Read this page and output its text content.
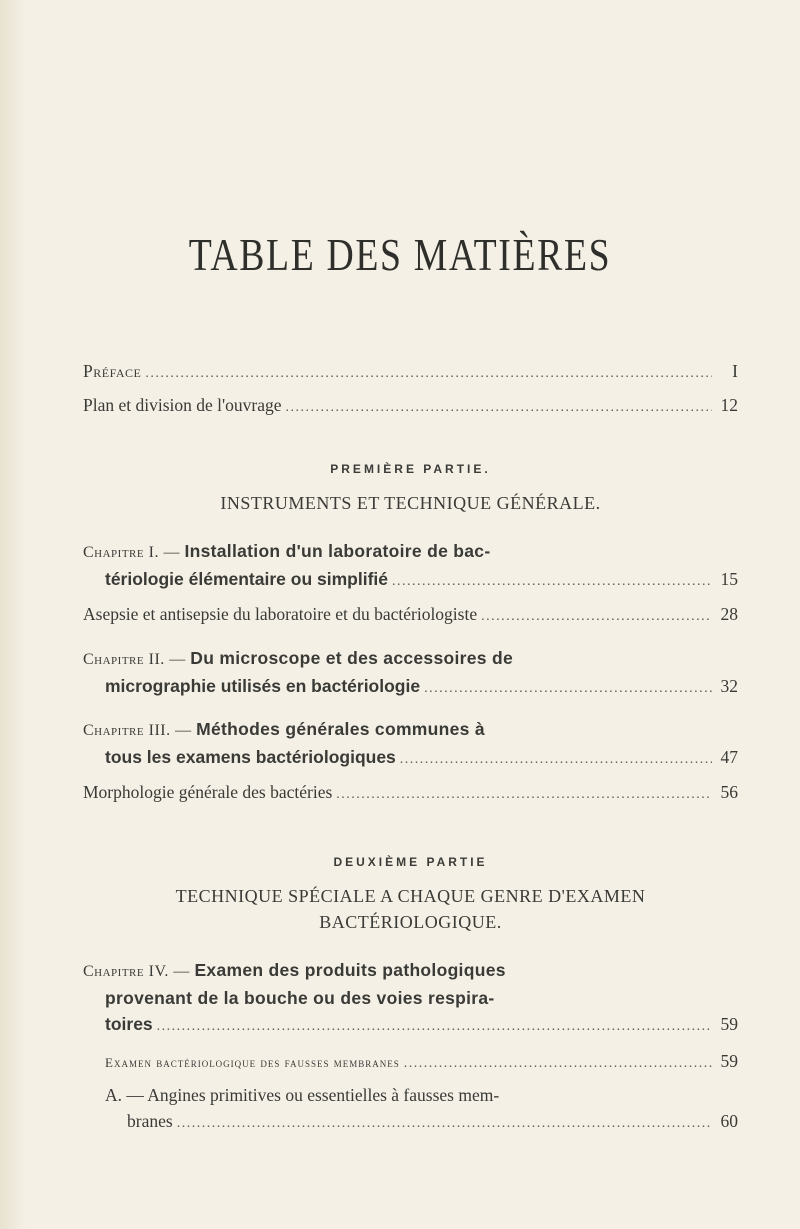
TABLE DES MATIÈRES
Préface . . .	I
Plan et division de l'ouvrage . . .	12

PREMIÈRE PARTIE.

INSTRUMENTS ET TECHNIQUE GÉNÉRALE.

Chapitre I. — Installation d'un laboratoire de bac-
tériologie élémentaire ou simplifié . . .	15
Asepsie et antisepsie du laboratoire et du bactériologiste . . .	28
Chapitre II. — Du microscope et des accessoires de
micrographie utilisés en bactériologie . . .	32
Chapitre III. — Méthodes générales communes à
tous les examens bactériologiques . . .	47
Morphologie générale des bactéries . . .	56

DEUXIÈME PARTIE

TECHNIQUE SPÉCIALE A CHAQUE GENRE D'EXAMEN

BACTÉRIOLOGIQUE.

Chapitre IV. — Examen des produits pathologiques
provenant de la bouche ou des voies respira-
toires . . .	59
Examen bactériologique des fausses membranes . . .	59
A. — Angines primitives ou essentielles à fausses mem-
branes . . .	60
